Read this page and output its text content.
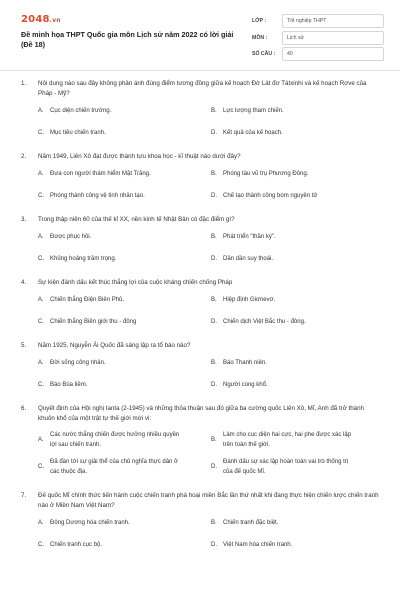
2048.vn
Đề minh họa THPT Quốc gia môn Lịch sử năm 2022 có lời giải (Đề 18)
LỚP :	Tốt nghiệp THPT
MÔN :	Lịch sử
SỐ CÂU :	40
1. Nội dung nào sau đây không phản ánh đúng điểm tương đồng giữa kế hoạch Đờ Lát đơ Tátxinhi và kế hoạch Rơve của Pháp - Mỹ?
A.	Cục diện chiến trường.	B.	Lực lượng tham chiến.
C.	Mục tiêu chiến tranh.	D.	Kết quả của kế hoạch.
2. Năm 1949, Liên Xô đạt được thành tựu khoa học - kĩ thuật nào dưới đây?
A.	Đưa con người thám hiểm Mặt Trăng.	B.	Phóng tàu vũ trụ Phương Đông.
C.	Phóng thành công vệ tinh nhân tạo.	D.	Chế tạo thành công bom nguyên tử
3. Trong thập niên 60 của thế kỉ XX, nền kinh tế Nhật Bản có đặc điểm gì?
A.	Được phục hồi.	B.	Phát triển "thần kỳ".
C.	Khủng hoảng trầm trọng.	D.	Dần dần suy thoái.
4. Sự kiện đánh dấu kết thúc thắng lợi của cuộc kháng chiến chống Pháp
A.	Chiến thắng Điện Biên Phủ.	B.	Hiệp định Giơnevơ.
C.	Chiến thắng Biên giới thu - đông	D.	Chiến dịch Việt Bắc thu - đông.
5. Năm 1925, Nguyễn Ái Quốc đã sáng lập ra tổ báo nào?
A.	Đời sống công nhân.	B.	Báo Thanh niên.
C.	Báo Búa liềm.	D.	Người cùng khổ.
6. Quyết định của Hội nghị Ianta (2-1945) và những thỏa thuận sau đó giữa ba cường quốc Liên Xô, Mĩ, Anh đã trở thành khuôn khổ của một trật tự thế giới mới vì:
A.
Các nước thắng chiến được hưởng nhiều quyền lợi sau chiến tranh.
B.
Làm cho cục diện hai cực, hai phe được xác lập trên toàn thế giới.
C.
Đã đàn tới sự giải thể của chủ nghĩa thực dân ở các thuộc địa.
D.
Đánh dấu sự xác lập hoàn toàn vai trò thống trị của đế quốc Mĩ.
7. Đế quốc Mĩ chính thức tiến hành cuộc chiến tranh phá hoại miền Bắc lần thứ nhất khi đang thực hiện chiến lược chiến tranh nào ở Miền Nam Việt Nam?
A.	Đông Dương hóa chiến tranh.	B.	Chiến tranh đặc biệt.
C.	Chiến tranh cục bộ.	D.	Việt Nam hóa chiến tranh.
